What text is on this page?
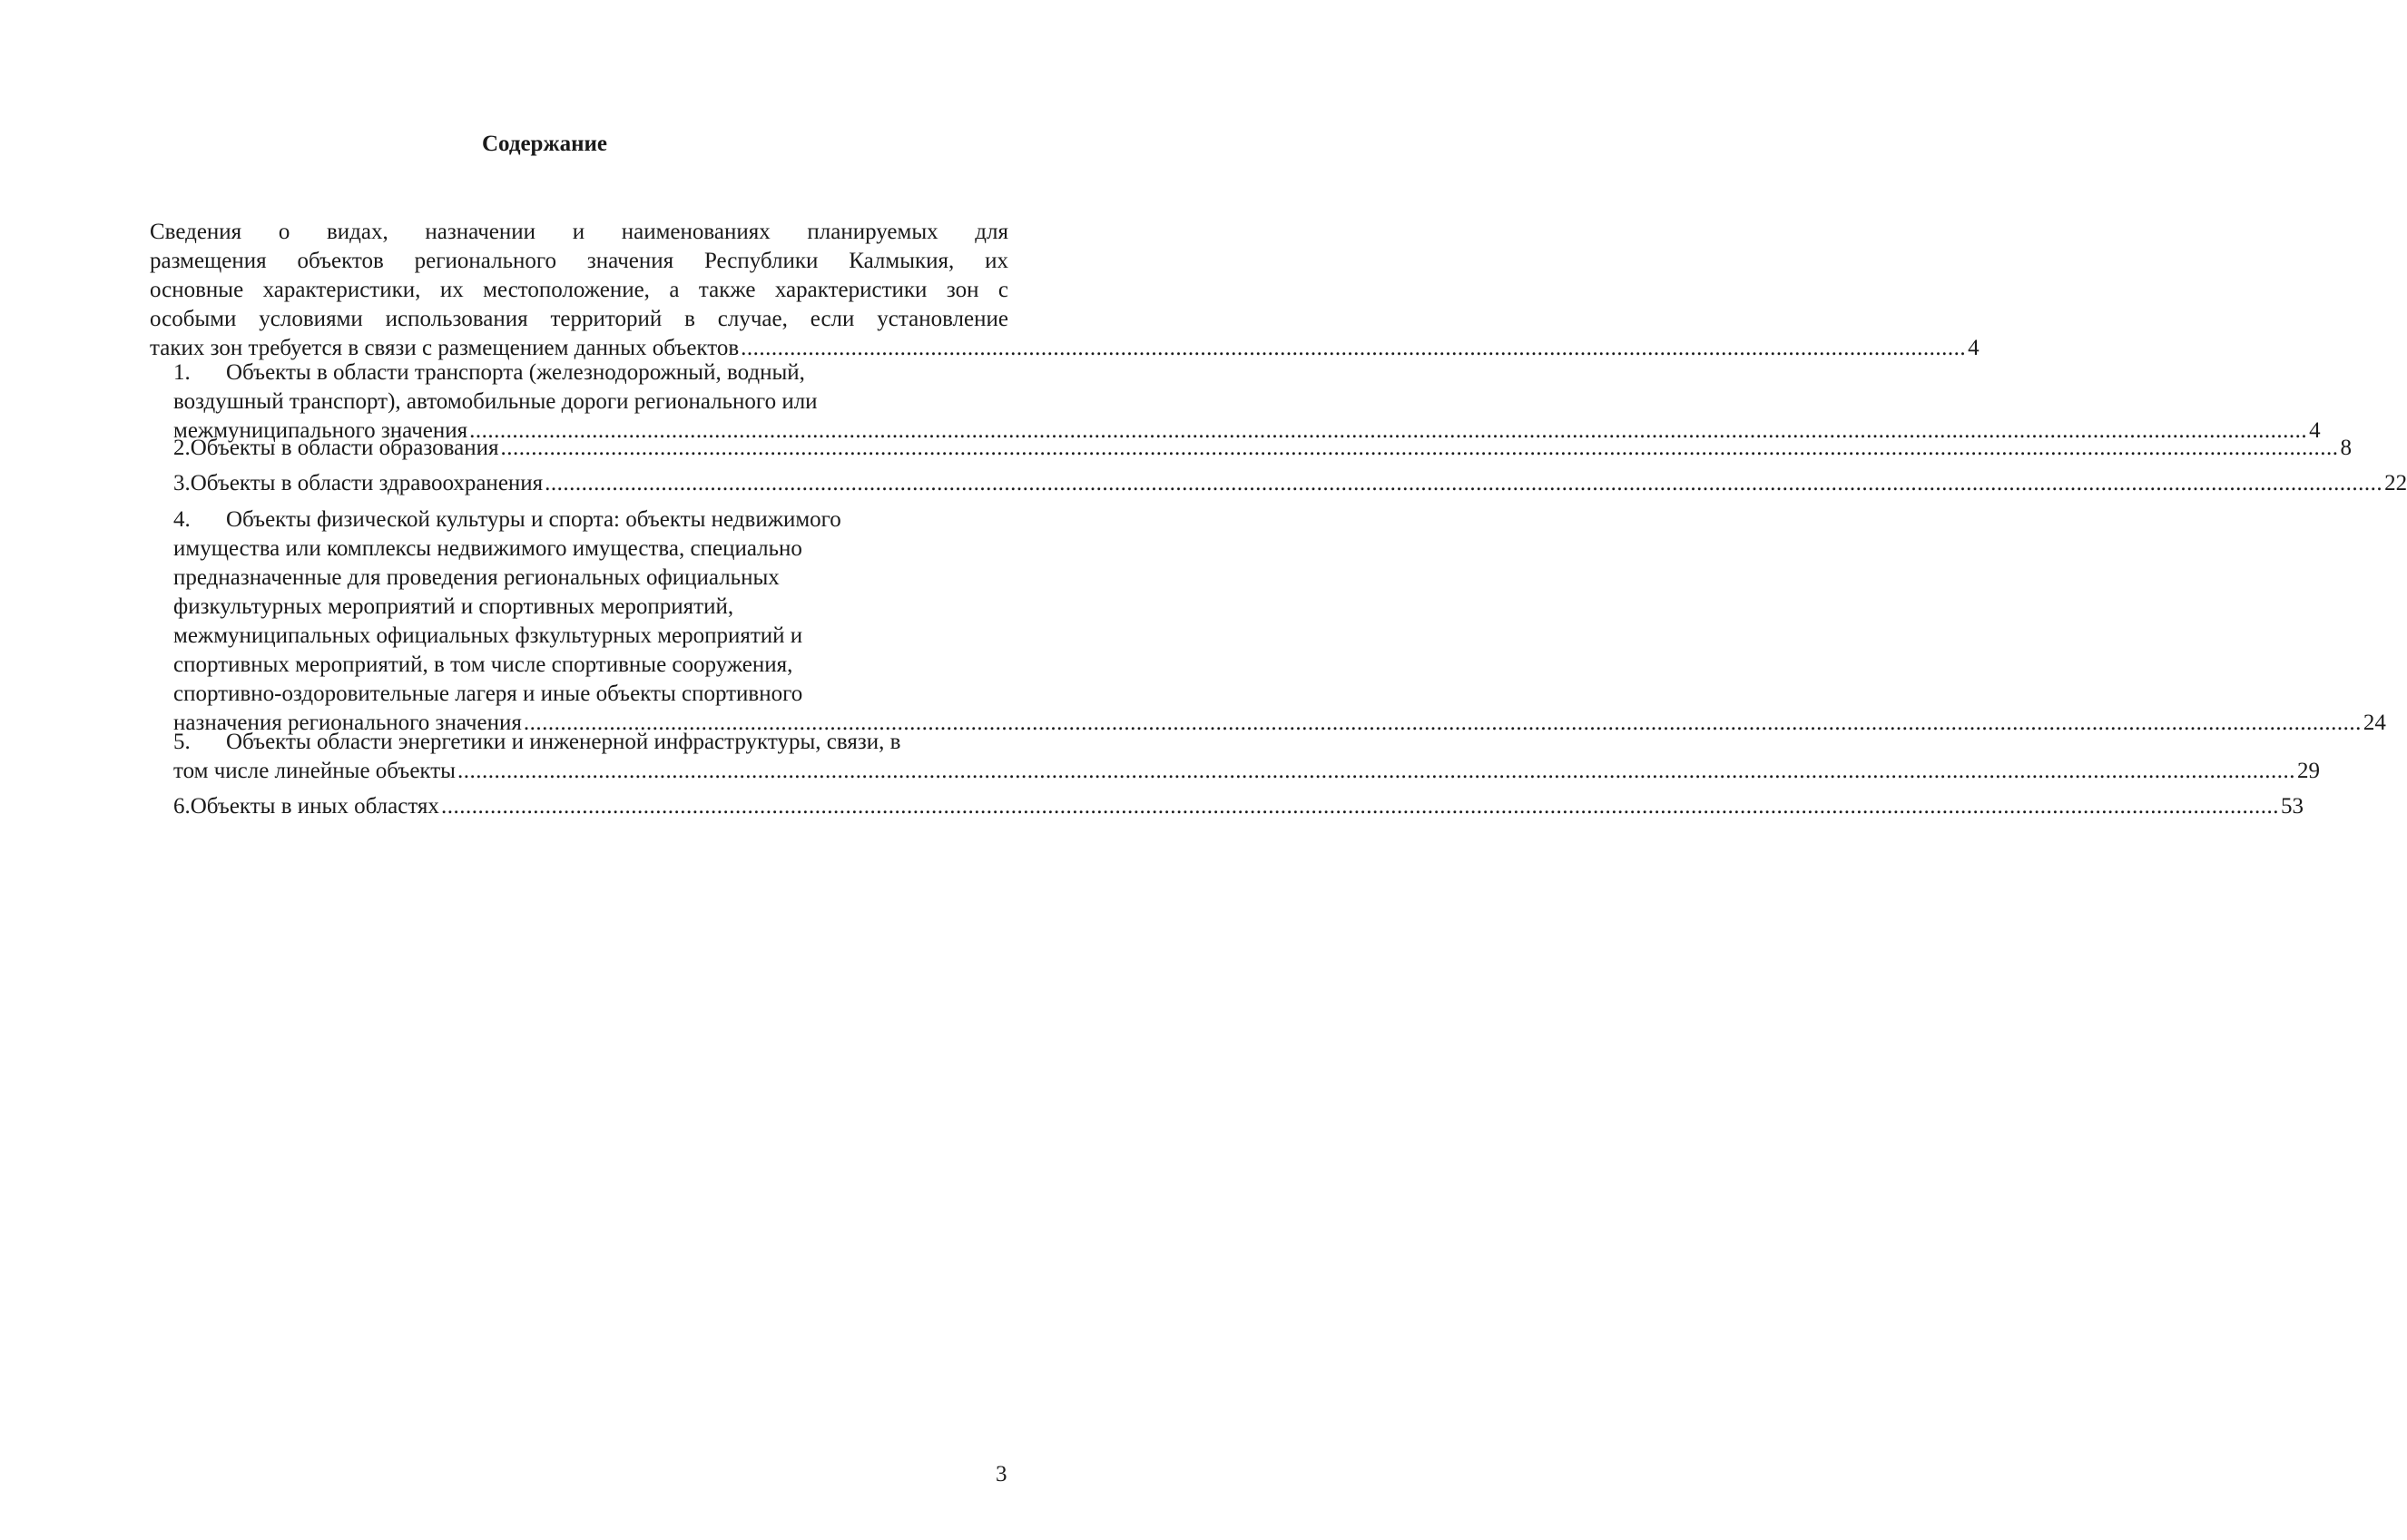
Содержание
Сведения о видах, назначении и наименованиях планируемых для
размещения объектов регионального значения Республики Калмыкия, их
основные характеристики, их местоположение, а также характеристики зон с
особыми условиями использования территорий в случае, если установление
таких зон требуется в связи с размещением данных объектов ........................................................................................................................................................................................................ 4
1. Объекты в области транспорта (железнодорожный, водный,
воздушный транспорт), автомобильные дороги регионального или
межмуниципального значения ............................................................................................................................................................................................................................................................................................................ 4
2. Объекты в области образования ............................................................................................................................................................................................................................................................................................................ 8
3. Объекты в области здравоохранения ............................................................................................................................................................................................................................................................................................................ 22
4. Объекты физической культуры и спорта: объекты недвижимого
имущества или комплексы недвижимого имущества, специально
предназначенные для проведения региональных официальных
физкультурных мероприятий и спортивных мероприятий,
межмуниципальных официальных фзкультурных мероприятий и
спортивных мероприятий, в том числе спортивные сооружения,
спортивно-оздоровительные лагеря и иные объекты спортивного
назначения регионального значения ............................................................................................................................................................................................................................................................................................................ 24
5. Объекты области энергетики и инженерной инфраструктуры, связи, в
том числе линейные объекты ............................................................................................................................................................................................................................................................................................................ 29
6. Объекты в иных областях ............................................................................................................................................................................................................................................................................................................ 53
3
